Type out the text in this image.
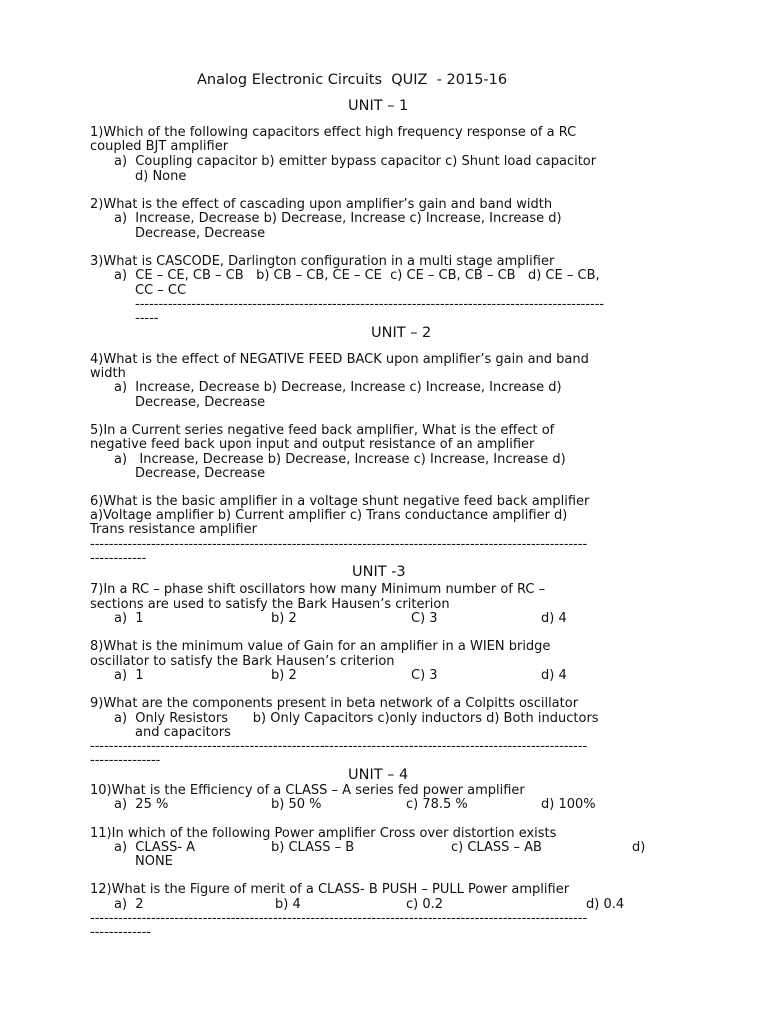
Analog Electronic Circuits  QUIZ  - 2015-16
UNIT – 1
1)Which of the following capacitors effect high frequency response of a RC
coupled BJT amplifier
a)  Coupling capacitor b) emitter bypass capacitor c) Shunt load capacitor
d) None
2)What is the effect of cascading upon amplifier’s gain and band width
a)  Increase, Decrease b) Decrease, Increase c) Increase, Increase d)
Decrease, Decrease
3)What is CASCODE, Darlington configuration in a multi stage amplifier
a)  CE – CE, CB – CB   b) CB – CB, CE – CE  c) CE – CB, CB – CB   d) CE – CB,
CC – CC
----------------------------------------------------------------------------------------------------
-----
UNIT – 2
4)What is the effect of NEGATIVE FEED BACK upon amplifier’s gain and band
width
a)  Increase, Decrease b) Decrease, Increase c) Increase, Increase d)
Decrease, Decrease
5)In a Current series negative feed back amplifier, What is the effect of
negative feed back upon input and output resistance of an amplifier
a)   Increase, Decrease b) Decrease, Increase c) Increase, Increase d)
Decrease, Decrease
6)What is the basic amplifier in a voltage shunt negative feed back amplifier
a)Voltage amplifier b) Current amplifier c) Trans conductance amplifier d)
Trans resistance amplifier
----------------------------------------------------------------------------------------------------------
------------
UNIT -3
7)In a RC – phase shift oscillators how many Minimum number of RC –
sections are used to satisfy the Bark Hausen’s criterion
a)  1	b) 2	C) 3	d) 4
8)What is the minimum value of Gain for an amplifier in a WIEN bridge
oscillator to satisfy the Bark Hausen’s criterion
a)  1	b) 2	C) 3	d) 4
9)What are the components present in beta network of a Colpitts oscillator
a)  Only Resistors      b) Only Capacitors c)only inductors d) Both inductors
and capacitors
----------------------------------------------------------------------------------------------------------
---------------
UNIT – 4
10)What is the Efficiency of a CLASS – A series fed power amplifier
a)  25 %	b) 50 %	c) 78.5 %	d) 100%
11)In which of the following Power amplifier Cross over distortion exists
a)  CLASS- A	b) CLASS – B	c) CLASS – AB	d)
NONE
12)What is the Figure of merit of a CLASS- B PUSH – PULL Power amplifier
a)  2	b) 4	c) 0.2	d) 0.4
----------------------------------------------------------------------------------------------------------
-------------
